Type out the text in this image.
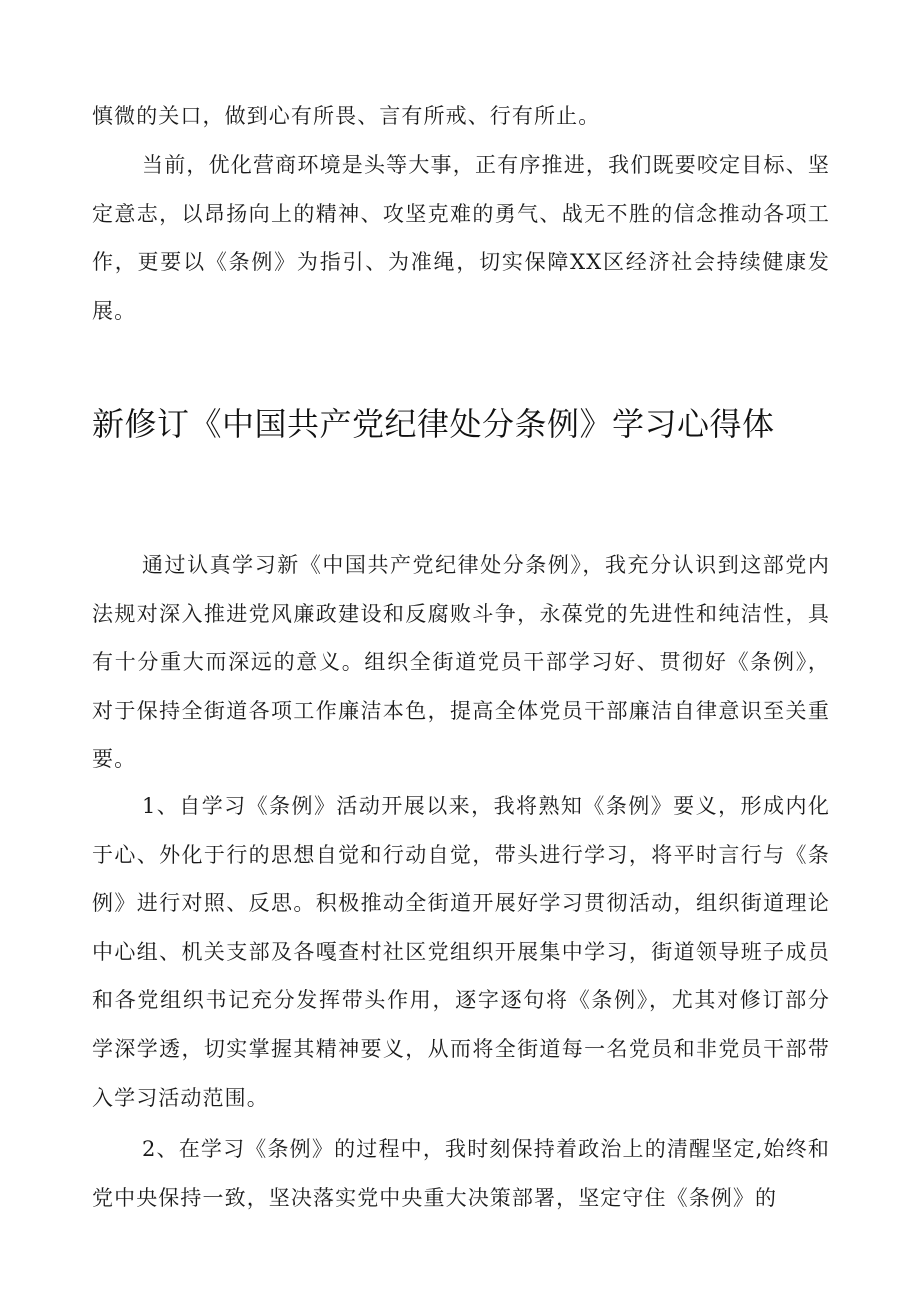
慎微的关口，做到心有所畏、言有所戒、行有所止。

当前，优化营商环境是头等大事，正有序推进，我们既要咬定目标、坚定意志，以昂扬向上的精神、攻坚克难的勇气、战无不胜的信念推动各项工作，更要以《条例》为指引、为准绳，切实保障XX区经济社会持续健康发展。

新修订《中国共产党纪律处分条例》学习心得体

通过认真学习新《中国共产党纪律处分条例》，我充分认识到这部党内法规对深入推进党风廉政建设和反腐败斗争，永葆党的先进性和纯洁性，具有十分重大而深远的意义。组织全街道党员干部学习好、贯彻好《条例》，对于保持全街道各项工作廉洁本色，提高全体党员干部廉洁自律意识至关重要。

1、自学习《条例》活动开展以来，我将熟知《条例》要义，形成内化于心、外化于行的思想自觉和行动自觉，带头进行学习，将平时言行与《条例》进行对照、反思。积极推动全街道开展好学习贯彻活动，组织街道理论中心组、机关支部及各嘎查村社区党组织开展集中学习，街道领导班子成员和各党组织书记充分发挥带头作用，逐字逐句将《条例》，尤其对修订部分学深学透，切实掌握其精神要义，从而将全街道每一名党员和非党员干部带入学习活动范围。

2、在学习《条例》的过程中，我时刻保持着政治上的清醒坚定,始终和党中央保持一致，坚决落实党中央重大决策部署，坚定守住《条例》的
